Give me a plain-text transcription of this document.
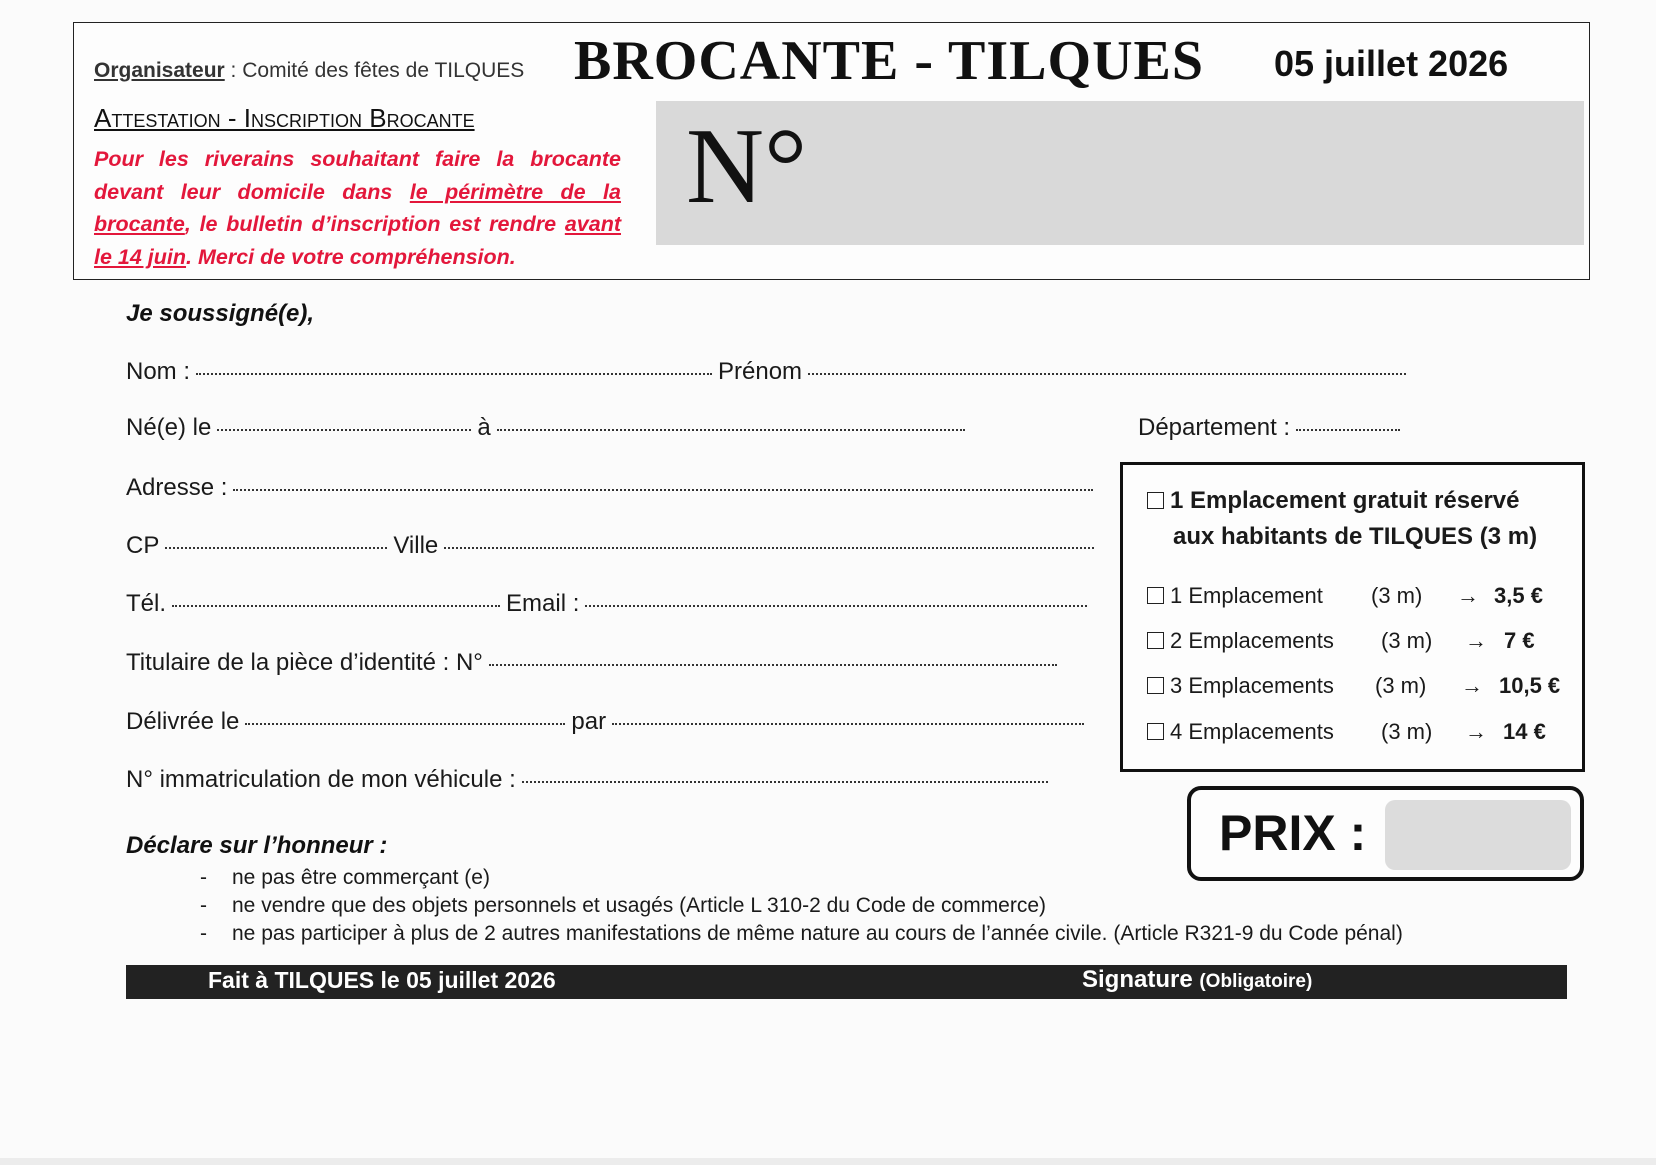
Organisateur : Comité des fêtes de TILQUES BROCANTE - TILQUES 05 juillet 2026
Attestation - Inscription Brocante
Pour les riverains souhaitant faire la brocante devant leur domicile dans le périmètre de la brocante, le bulletin d’inscription est rendre avant le 14 juin. Merci de votre compréhension.
N°
Je soussigné(e),
Nom :	Prénom
Né(e) le	à	Département :
Adresse :
CP	Ville
Tél.	Email :
Titulaire de la pièce d’identité : N°
Délivrée le	par
N° immatriculation de mon véhicule :
1 Emplacement gratuit réservé
aux habitants de TILQUES (3 m)
1 Emplacement (3 m) → 3,5 €
2 Emplacements (3 m) → 7 €
3 Emplacements (3 m) → 10,5 €
4 Emplacements (3 m) → 14 €
PRIX :
Déclare sur l’honneur :
- ne pas être commerçant (e)
- ne vendre que des objets personnels et usagés (Article L 310-2 du Code de commerce)
- ne pas participer à plus de 2 autres manifestations de même nature au cours de l’année civile. (Article R321-9 du Code pénal)
Fait à TILQUES le 05 juillet 2026	Signature (Obligatoire)
